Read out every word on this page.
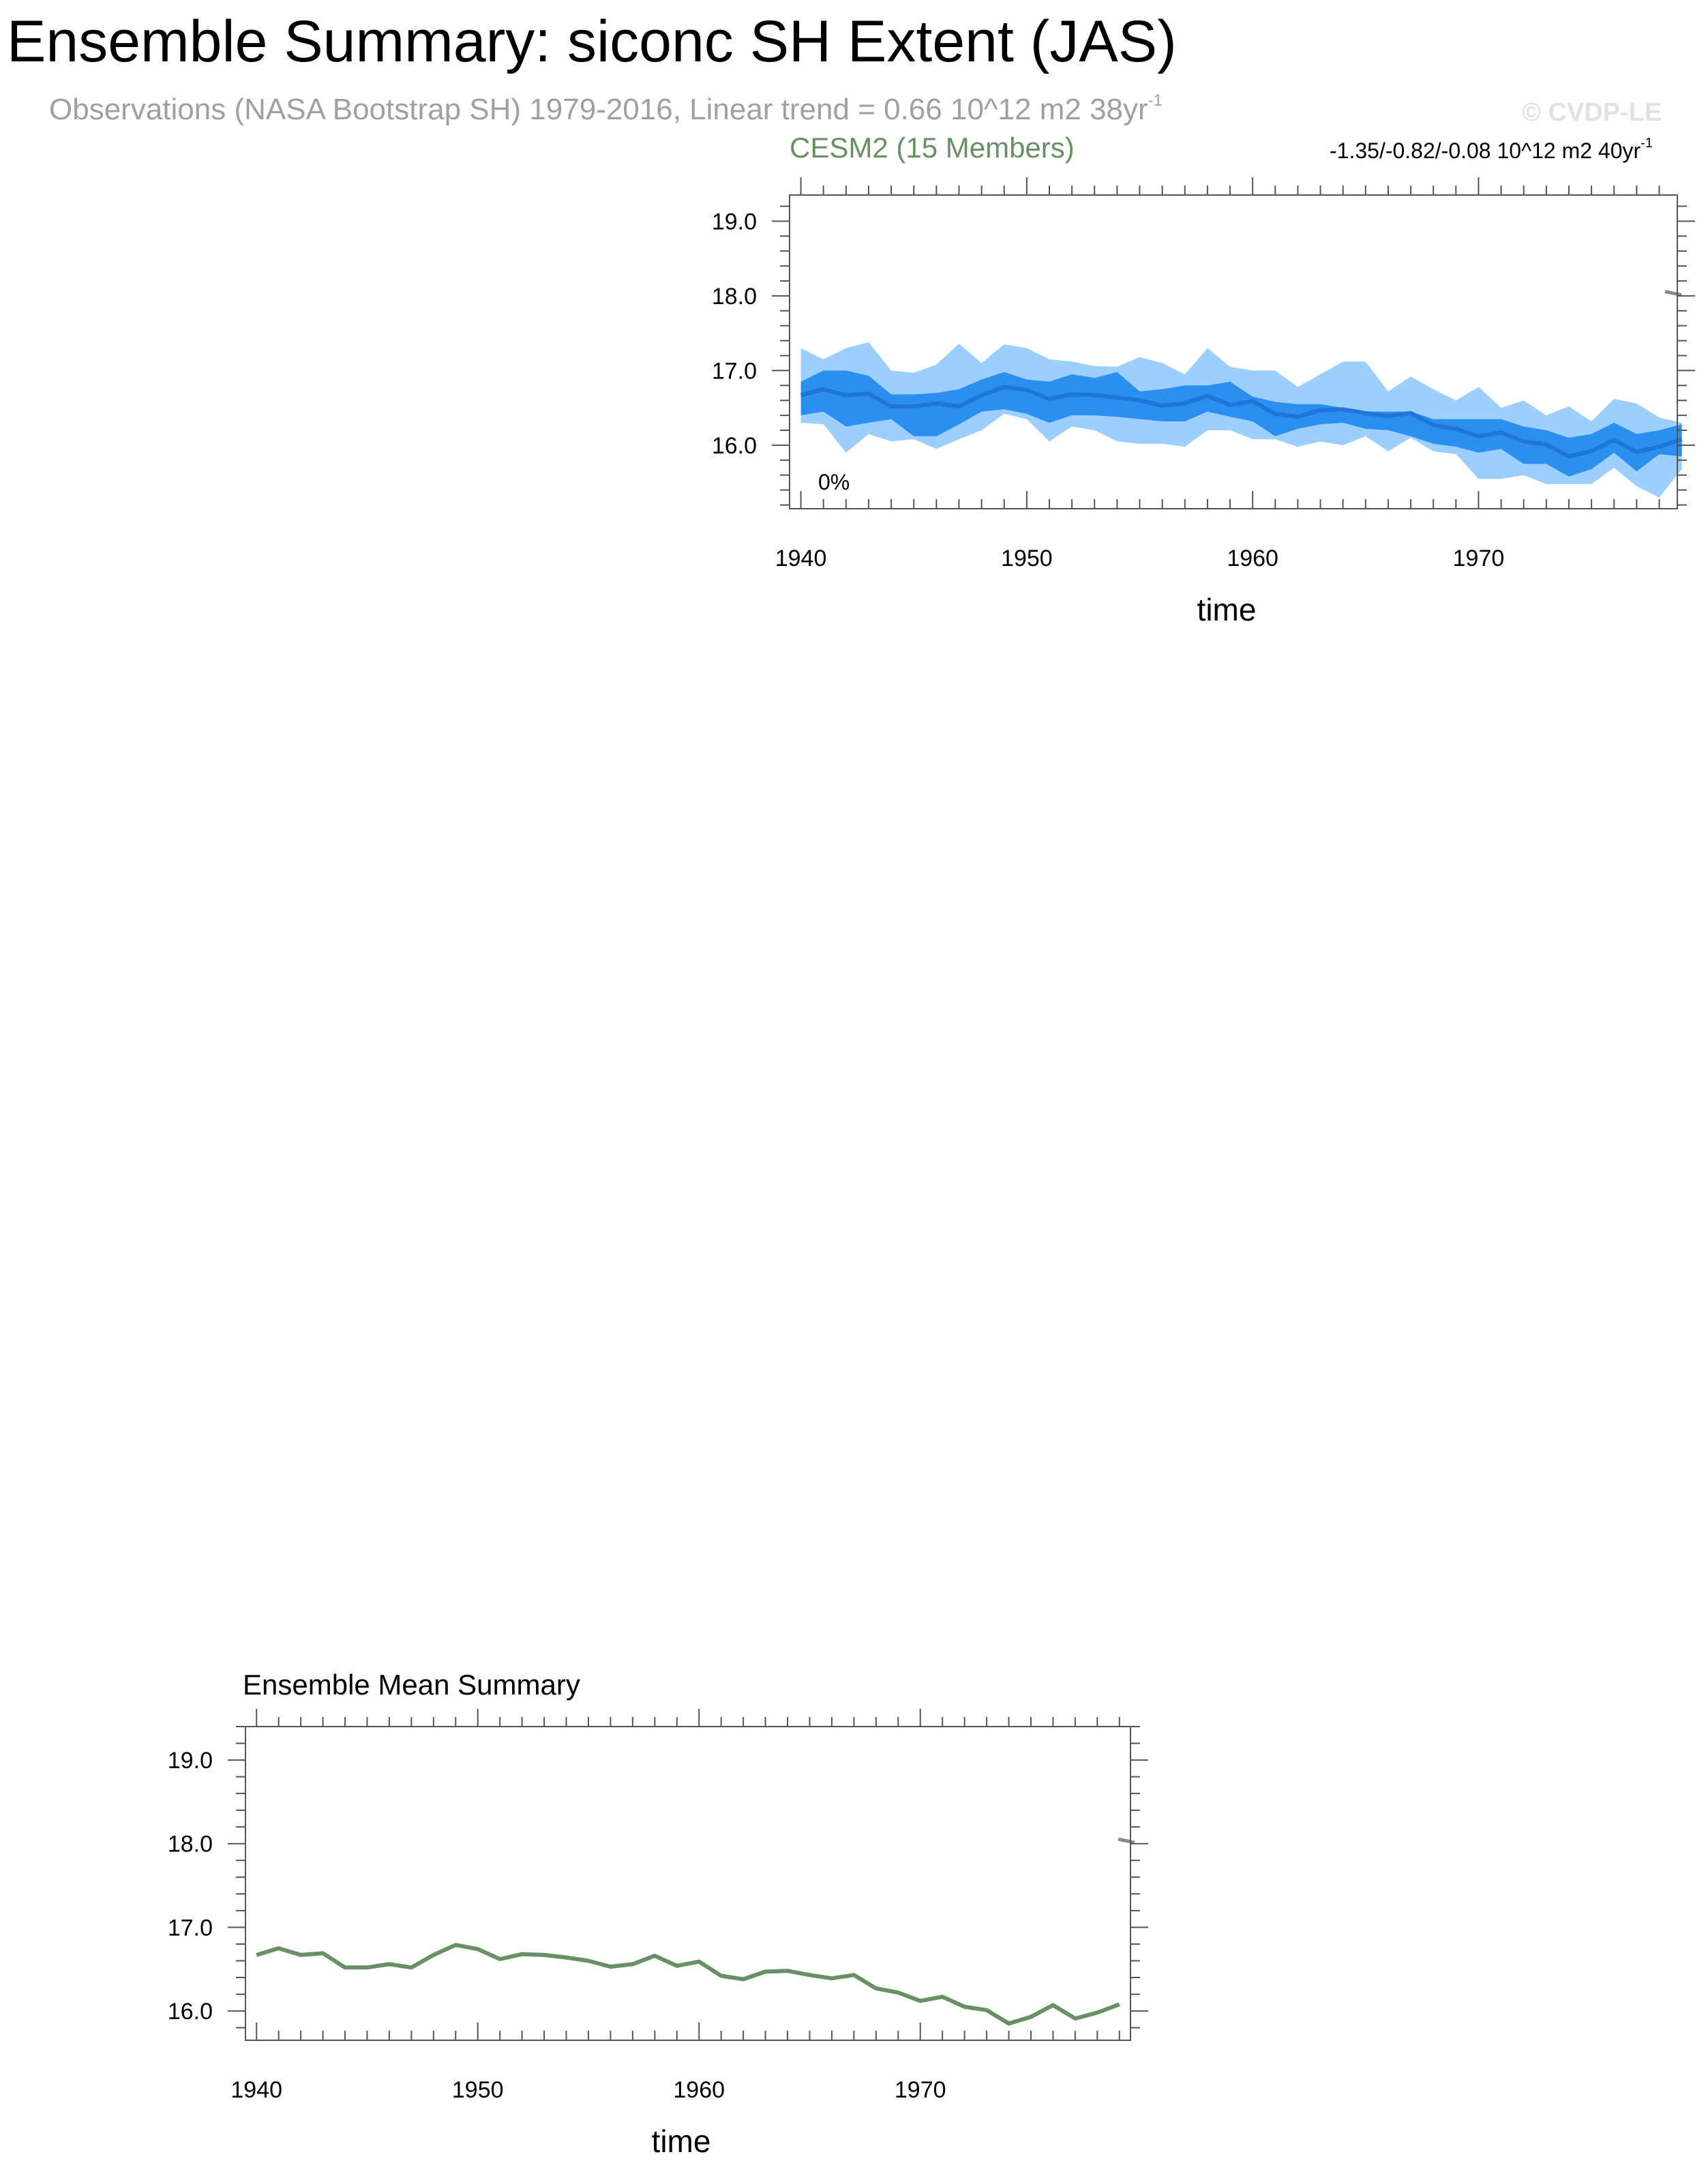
Ensemble Summary: siconc SH Extent (JAS)
Observations (NASA Bootstrap SH) 1979-2016, Linear trend = 0.66 10^12 m2 $38yr^{-1}$	© CVDP-LE
CESM2 (15 Members)	-1.35/-0.82/-0.08 10^12 m2 $40yr^{-1}$
1940	1950	1960	1970
16.0
17.0
18.0
19.0
time
0%
Ensemble Mean Summary
1940	1950	1960	1970
16.0
17.0
18.0
19.0
time
